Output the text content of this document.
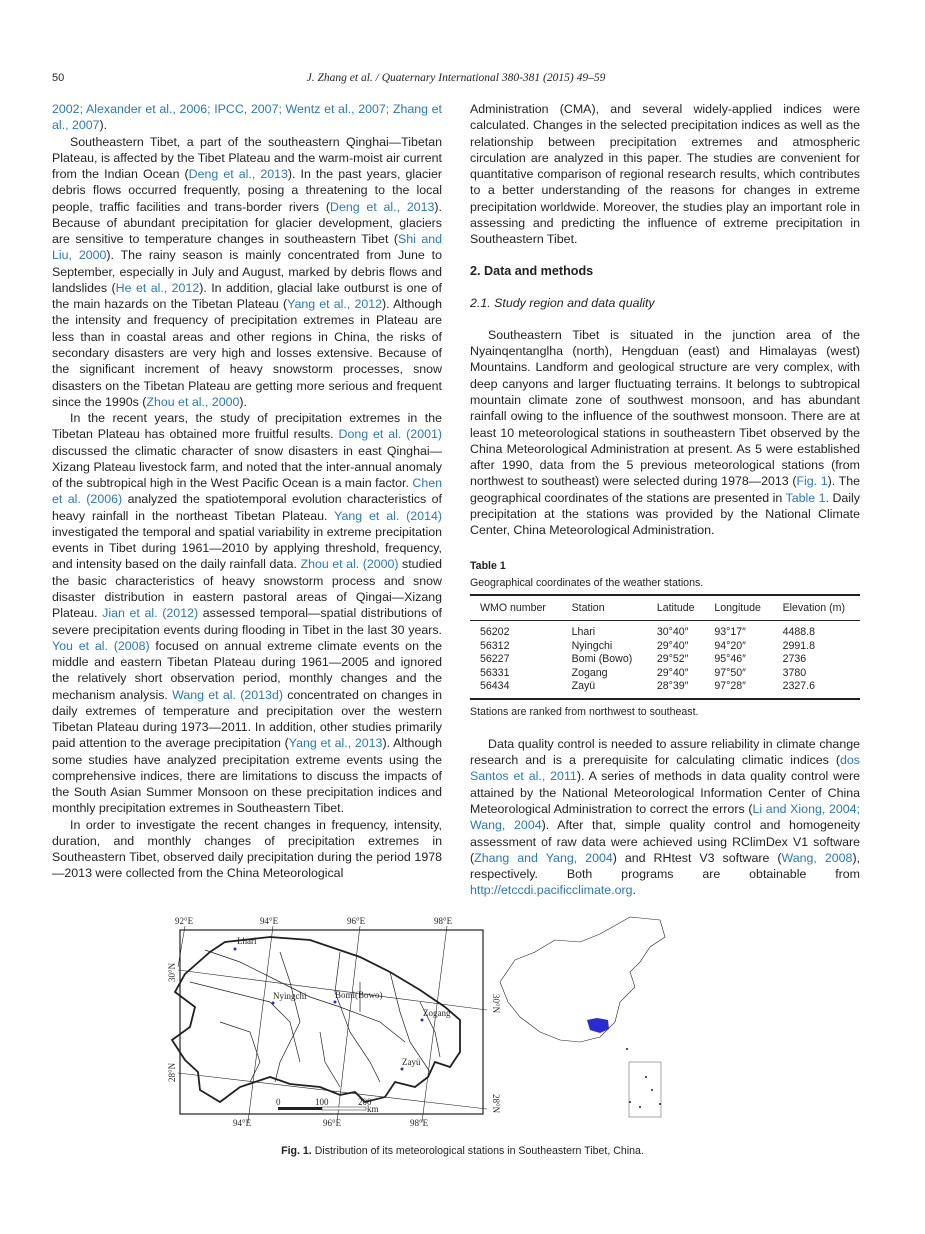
50	J. Zhang et al. / Quaternary International 380-381 (2015) 49–59

2002; Alexander et al., 2006; IPCC, 2007; Wentz et al., 2007; Zhang et al., 2007).

Southeastern Tibet, a part of the southeastern Qinghai—Tibetan Plateau, is affected by the Tibet Plateau and the warm-moist air current from the Indian Ocean (Deng et al., 2013). In the past years, glacier debris flows occurred frequently, posing a threatening to the local people, traffic facilities and trans-border rivers (Deng et al., 2013). Because of abundant precipitation for glacier development, glaciers are sensitive to temperature changes in southeastern Tibet (Shi and Liu, 2000). The rainy season is mainly concentrated from June to September, especially in July and August, marked by debris flows and landslides (He et al., 2012). In addition, glacial lake outburst is one of the main hazards on the Tibetan Plateau (Yang et al., 2012). Although the intensity and frequency of precipitation extremes in Plateau are less than in coastal areas and other regions in China, the risks of secondary disasters are very high and losses extensive. Because of the significant increment of heavy snowstorm processes, snow disasters on the Tibetan Plateau are getting more serious and frequent since the 1990s (Zhou et al., 2000).

In the recent years, the study of precipitation extremes in the Tibetan Plateau has obtained more fruitful results. Dong et al. (2001) discussed the climatic character of snow disasters in east Qinghai—Xizang Plateau livestock farm, and noted that the inter-annual anomaly of the subtropical high in the West Pacific Ocean is a main factor. Chen et al. (2006) analyzed the spatiotemporal evolution characteristics of heavy rainfall in the northeast Tibetan Plateau. Yang et al. (2014) investigated the temporal and spatial variability in extreme precipitation events in Tibet during 1961—2010 by applying threshold, frequency, and intensity based on the daily rainfall data. Zhou et al. (2000) studied the basic characteristics of heavy snowstorm process and snow disaster distribution in eastern pastoral areas of Qingai—Xizang Plateau. Jian et al. (2012) assessed temporal—spatial distributions of severe precipitation events during flooding in Tibet in the last 30 years. You et al. (2008) focused on annual extreme climate events on the middle and eastern Tibetan Plateau during 1961—2005 and ignored the relatively short observation period, monthly changes and the mechanism analysis. Wang et al. (2013d) concentrated on changes in daily extremes of temperature and precipitation over the western Tibetan Plateau during 1973—2011. In addition, other studies primarily paid attention to the average precipitation (Yang et al., 2013). Although some studies have analyzed precipitation extreme events using the comprehensive indices, there are limitations to discuss the impacts of the South Asian Summer Monsoon on these precipitation indices and monthly precipitation extremes in Southeastern Tibet.

In order to investigate the recent changes in frequency, intensity, duration, and monthly changes of precipitation extremes in Southeastern Tibet, observed daily precipitation during the period 1978—2013 were collected from the China Meteorological

Administration (CMA), and several widely-applied indices were calculated. Changes in the selected precipitation indices as well as the relationship between precipitation extremes and atmospheric circulation are analyzed in this paper. The studies are convenient for quantitative comparison of regional research results, which contributes to a better understanding of the reasons for changes in extreme precipitation worldwide. Moreover, the studies play an important role in assessing and predicting the influence of extreme precipitation in Southeastern Tibet.

2. Data and methods
2.1. Study region and data quality

Southeastern Tibet is situated in the junction area of the Nyainqentanglha (north), Hengduan (east) and Himalayas (west) Mountains. Landform and geological structure are very complex, with deep canyons and larger fluctuating terrains. It belongs to subtropical mountain climate zone of southwest monsoon, and has abundant rainfall owing to the influence of the southwest monsoon. There are at least 10 meteorological stations in southeastern Tibet observed by the China Meteorological Administration at present. As 5 were established after 1990, data from the 5 previous meteorological stations (from northwest to southeast) were selected during 1978—2013 (Fig. 1). The geographical coordinates of the stations are presented in Table 1. Daily precipitation at the stations was provided by the National Climate Center, China Meteorological Administration.

Table 1
Geographical coordinates of the weather stations.
WMO number	Station	Latitude	Longitude	Elevation (m)
56202	Lhari	30°40″	93°17″	4488.8
56312	Nyingchi	29°40″	94°20″	2991.8
56227	Bomi (Bowo)	29°52″	95°46″	2736
56331	Zogang	29°40″	97°50″	3780
56434	Zayü	28°39″	97°28″	2327.6
Stations are ranked from northwest to southeast.

Data quality control is needed to assure reliability in climate change research and is a prerequisite for calculating climatic indices (dos Santos et al., 2011). A series of methods in data quality control were attained by the National Meteorological Information Center of China Meteorological Administration to correct the errors (Li and Xiong, 2004; Wang, 2004). After that, simple quality control and homogeneity assessment of raw data were achieved using RClimDex V1 software (Zhang and Yang, 2004) and RHtest V3 software (Wang, 2008), respectively. Both programs are obtainable from http://etccdi.pacificclimate.org.

Lhari
Nyingchi	Bomi(Bowo)
Zogang
Zayü
92°E	94°E	96°E	98°E
94°E	96°E	98°E
30°N
28°N
30°N
28°N
0	100	200
km
Fig. 1. Distribution of its meteorological stations in Southeastern Tibet, China.
